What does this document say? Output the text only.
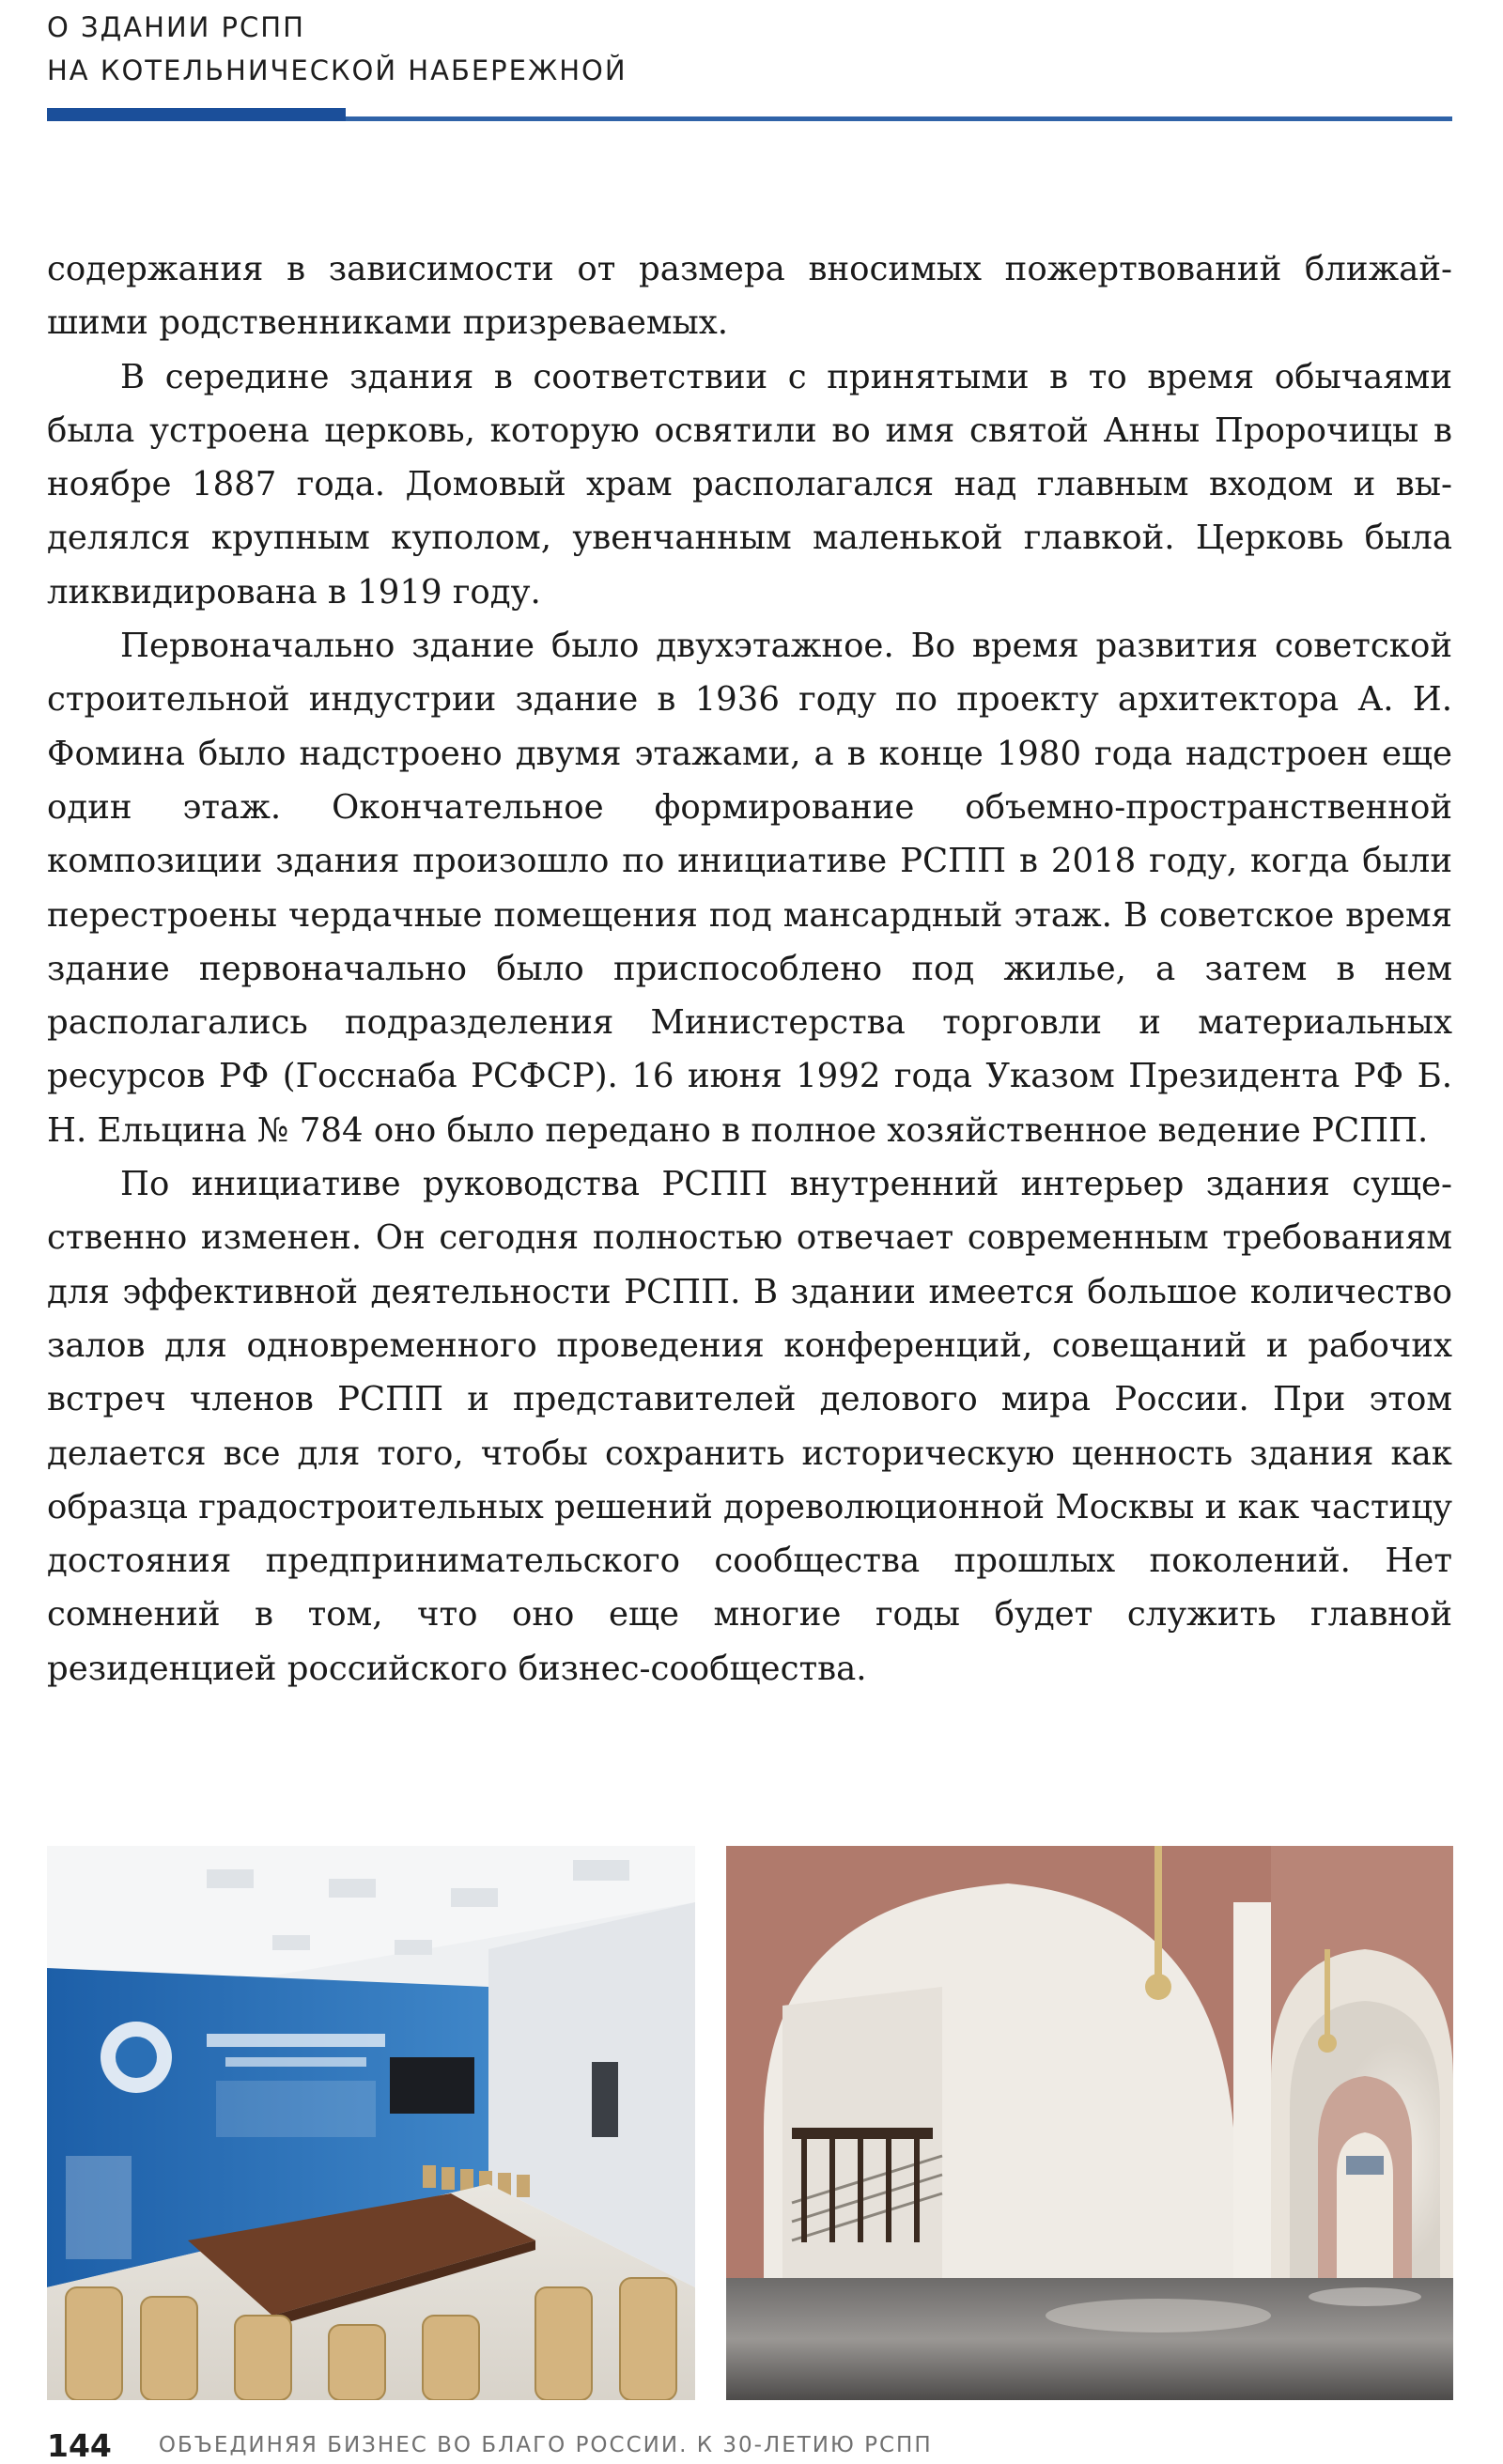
О ЗДАНИИ РСПП
НА КОТЕЛЬНИЧЕСКОЙ НАБЕРЕЖНОЙ

содержания в зависимости от размера вносимых пожертвований ближайшими родственниками призреваемых.

В середине здания в соответствии с принятыми в то время обычаями была устроена церковь, которую освятили во имя святой Анны Пророчицы в ноябре 1887 года. Домовый храм располагался над главным входом и выделялся крупным куполом, увенчанным маленькой главкой. Церковь была ликвидирована в 1919 году.

Первоначально здание было двухэтажное. Во время развития советской строительной индустрии здание в 1936 году по проекту архитектора А. И. Фомина было надстроено двумя этажами, а в конце 1980 года надстроен еще один этаж. Окончательное формирование объемно-пространственной композиции здания произошло по инициативе РСПП в 2018 году, когда были перестроены чердачные помещения под мансардный этаж. В советское время здание первоначально было приспособлено под жилье, а затем в нем располагались подразделения Министерства торговли и материальных ресурсов РФ (Госснаба РСФСР). 16 июня 1992 года Указом Президента РФ Б. Н. Ельцина № 784 оно было передано в полное хозяйственное ведение РСПП.

По инициативе руководства РСПП внутренний интерьер здания существенно изменен. Он сегодня полностью отвечает современным требованиям для эффективной деятельности РСПП. В здании имеется большое количество залов для одновременного проведения конференций, совещаний и рабочих встреч членов РСПП и представителей делового мира России. При этом делается все для того, чтобы сохранить историческую ценность здания как образца градостроительных решений дореволюционной Москвы и как частицу достояния предпринимательского сообщества прошлых поколений. Нет сомнений в том, что оно еще многие годы будет служить главной резиденцией российского бизнес-сообщества.

144 ОБЪЕДИНЯЯ БИЗНЕС ВО БЛАГО РОССИИ. К 30-ЛЕТИЮ РСПП
